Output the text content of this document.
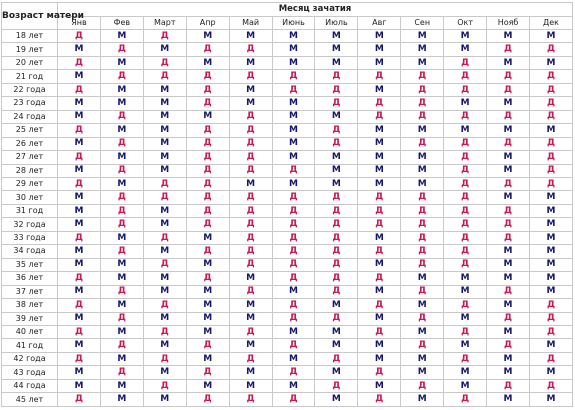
Возраст матери	Месяц зачатия											
	Янв	Фев	Март	Апр	Май	Июнь	Июль	Авг	Сен	Окт	Нояб	Дек
18 лет	Д	М	Д	М	М	М	М	М	М	М	М	М
19 лет	М	Д	М	Д	Д	М	М	М	М	М	Д	Д
20 лет	Д	М	Д	М	М	М	М	М	М	Д	М	М
21 год	М	Д	Д	Д	Д	Д	Д	Д	Д	Д	Д	Д
22 года	Д	М	М	Д	М	Д	Д	М	Д	Д	Д	Д
23 года	М	М	М	Д	М	М	Д	Д	Д	М	М	Д
24 года	М	Д	М	М	Д	М	М	Д	Д	Д	Д	Д
25 лет	Д	М	М	Д	Д	М	Д	М	М	М	М	М
26 лет	М	Д	М	Д	Д	М	Д	М	Д	Д	Д	Д
27 лет	Д	М	М	Д	Д	М	М	М	М	Д	М	Д
28 лет	М	Д	М	Д	Д	Д	М	М	М	Д	М	Д
29 лет	Д	М	Д	Д	М	М	М	М	М	Д	Д	Д
30 лет	М	Д	Д	Д	Д	Д	Д	Д	Д	Д	М	М
31 год	М	Д	М	Д	Д	Д	Д	Д	Д	Д	Д	М
32 года	М	Д	М	Д	Д	Д	Д	Д	Д	Д	Д	М
33 года	Д	М	Д	М	Д	Д	Д	М	Д	Д	Д	М
34 года	М	Д	М	Д	Д	Д	Д	Д	Д	Д	М	М
35 лет	М	М	Д	М	Д	Д	Д	М	Д	Д	М	М
36 лет	Д	М	М	Д	М	Д	Д	Д	М	М	М	М
37 лет	М	Д	М	М	Д	М	Д	М	Д	М	Д	М
38 лет	Д	М	Д	М	М	Д	М	Д	М	Д	М	Д
39 лет	М	Д	М	М	М	Д	Д	М	Д	М	Д	Д
40 лет	Д	М	Д	М	Д	М	М	Д	М	Д	М	Д
41 год	М	Д	М	Д	М	Д	М	М	Д	М	Д	М
42 года	Д	М	Д	М	Д	М	Д	М	М	Д	М	Д
43 года	М	Д	М	Д	М	Д	М	Д	М	М	М	М
44 года	М	М	Д	М	М	М	Д	М	Д	М	Д	Д
45 лет	Д	М	М	Д	Д	Д	М	Д	М	Д	М	М
